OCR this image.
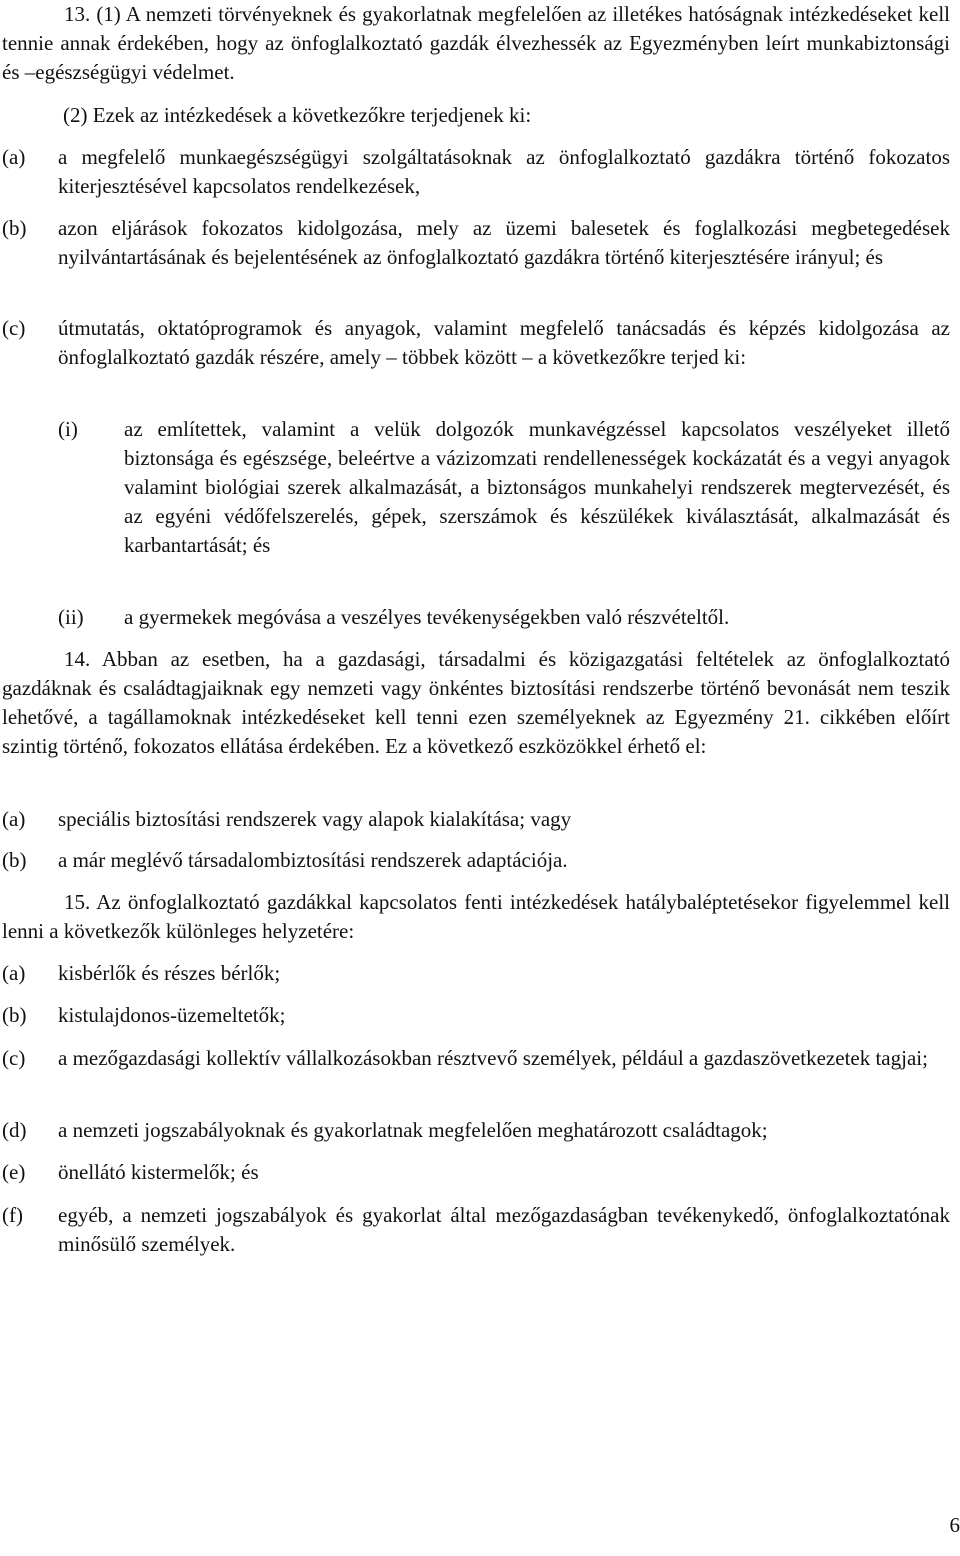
13. (1) A nemzeti törvényeknek és gyakorlatnak megfelelően az illetékes hatóságnak intézkedéseket kell tennie annak érdekében, hogy az önfoglalkoztató gazdák élvezhessék az Egyezményben leírt munkabiztonsági és –egészségügyi védelmet.

(2) Ezek az intézkedések a következőkre terjedjenek ki:

(a)	a megfelelő munkaegészségügyi szolgáltatásoknak az önfoglalkoztató gazdákra történő fokozatos kiterjesztésével kapcsolatos rendelkezések,

(b)	azon eljárások fokozatos kidolgozása, mely az üzemi balesetek és foglalkozási megbetegedések nyilvántartásának és bejelentésének az önfoglalkoztató gazdákra történő kiterjesztésére irányul; és

(c)	útmutatás, oktatóprogramok és anyagok, valamint megfelelő tanácsadás és képzés kidolgozása az önfoglalkoztató gazdák részére, amely – többek között – a következőkre terjed ki:

(i)	az említettek, valamint a velük dolgozók munkavégzéssel kapcsolatos veszélyeket illető biztonsága és egészsége, beleértve a vázizomzati rendellenességek kockázatát és a vegyi anyagok valamint biológiai szerek alkalmazását, a biztonságos munkahelyi rendszerek megtervezését, és az egyéni védőfelszerelés, gépek, szerszámok és készülékek kiválasztását, alkalmazását és karbantartását; és

(ii)	a gyermekek megóvása a veszélyes tevékenységekben való részvételtől.

14. Abban az esetben, ha a gazdasági, társadalmi és közigazgatási feltételek az önfoglalkoztató gazdáknak és családtagjaiknak egy nemzeti vagy önkéntes biztosítási rendszerbe történő bevonását nem teszik lehetővé, a tagállamoknak intézkedéseket kell tenni ezen személyeknek az Egyezmény 21. cikkében előírt szintig történő, fokozatos ellátása érdekében. Ez a következő eszközökkel érhető el:

(a)	speciális biztosítási rendszerek vagy alapok kialakítása; vagy

(b)	a már meglévő társadalombiztosítási rendszerek adaptációja.

15. Az önfoglalkoztató gazdákkal kapcsolatos fenti intézkedések hatálybaléptetésekor figyelemmel kell lenni a következők különleges helyzetére:

(a)	kisbérlők és részes bérlők;

(b)	kistulajdonos-üzemeltetők;

(c)	a mezőgazdasági kollektív vállalkozásokban résztvevő személyek, például a gazdaszövetkezetek tagjai;

(d)	a nemzeti jogszabályoknak és gyakorlatnak megfelelően meghatározott családtagok;

(e)	önellátó kistermelők; és

(f)	egyéb, a nemzeti jogszabályok és gyakorlat által mezőgazdaságban tevékenykedő, önfoglalkoztatónak minősülő személyek.

6
